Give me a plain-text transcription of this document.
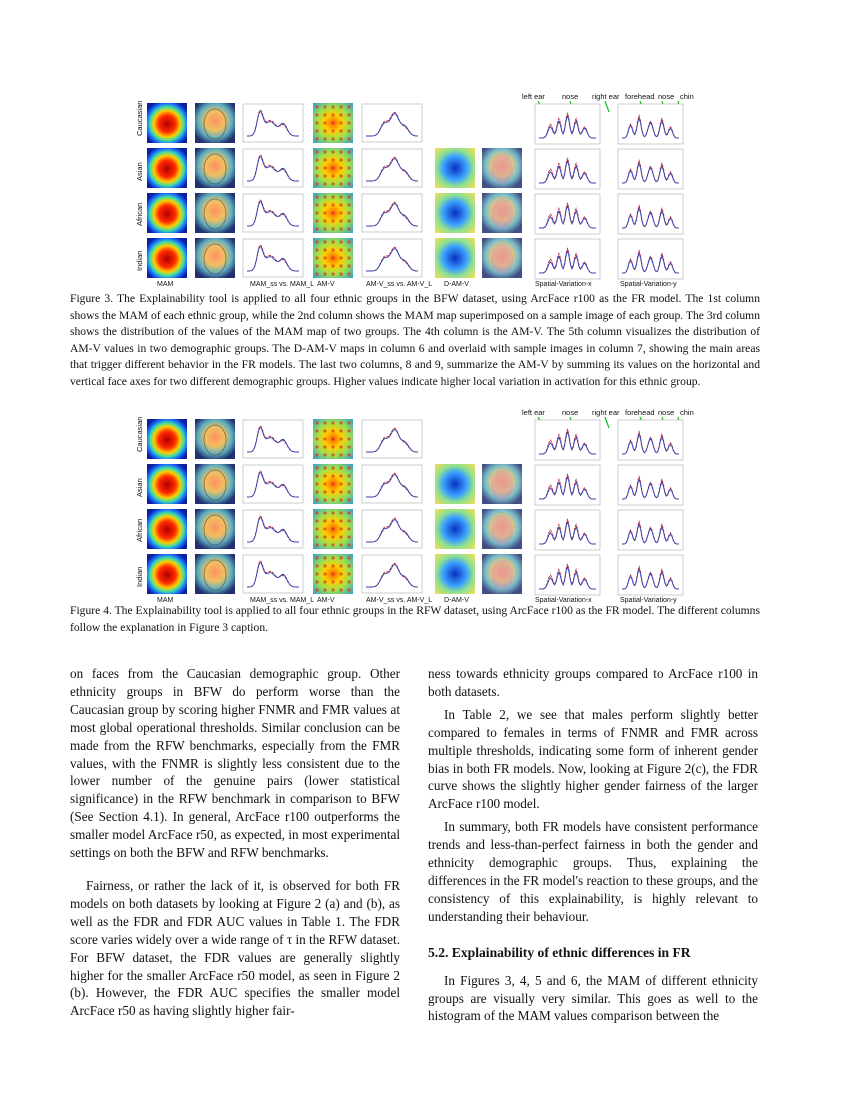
left ear nose right ear forehead nose chin
Caucasian
Asian
African
Indian
MAM	MAM_ss vs. MAM_L AM-V	AM-V_ss vs. AM-V_L D-AM-V	Spatial-Variation-x	Spatial-Variation-y

Figure 3. The Explainability tool is applied to all four ethnic groups in the BFW dataset, using ArcFace r100 as the FR model. The 1st column shows the MAM of each ethnic group, while the 2nd column shows the MAM map superimposed on a sample image of each group. The 3rd column shows the distribution of the values of the MAM map of two groups. The 4th column is the AM-V. The 5th column visualizes the distribution of AM-V values in two demographic groups. The D-AM-V maps in column 6 and overlaid with sample images in column 7, showing the main areas that trigger different behavior in the FR models. The last two columns, 8 and 9, summarize the AM-V by summing its values on the horizontal and vertical face axes for two different demographic groups. Higher values indicate higher local variation in activation for this ethnic group.

left ear nose right ear forehead nose chin
Caucasian
Asian
African
Indian
MAM	MAM_ss vs. MAM_L AM-V	AM-V_ss vs. AM-V_L D-AM-V	Spatial-Variation-x	Spatial-Variation-y

Figure 4. The Explainability tool is applied to all four ethnic groups in the RFW dataset, using ArcFace r100 as the FR model. The different columns follow the explanation in Figure 3 caption.

on faces from the Caucasian demographic group. Other ethnicity groups in BFW do perform worse than the Caucasian group by scoring higher FNMR and FMR values at most global operational thresholds. Similar conclusion can be made from the RFW benchmarks, especially from the FMR values, with the FNMR is slightly less consistent due to the lower number of the genuine pairs (lower statistical significance) in the RFW benchmark in comparison to BFW (See Section 4.1). In general, ArcFace r100 outperforms the smaller model ArcFace r50, as expected, in most experimental settings on both the BFW and RFW benchmarks.

Fairness, or rather the lack of it, is observed for both FR models on both datasets by looking at Figure 2 (a) and (b), as well as the FDR and FDR AUC values in Table 1. The FDR score varies widely over a wide range of τ in the RFW dataset. For BFW dataset, the FDR values are generally slightly higher for the smaller ArcFace r50 model, as seen in Figure 2 (b). However, the FDR AUC specifies the smaller model ArcFace r50 as having slightly higher fair-

ness towards ethnicity groups compared to ArcFace r100 in both datasets.

In Table 2, we see that males perform slightly better compared to females in terms of FNMR and FMR across multiple thresholds, indicating some form of inherent gender bias in both FR models. Now, looking at Figure 2(c), the FDR curve shows the slightly higher gender fairness of the larger ArcFace r100 model.

In summary, both FR models have consistent performance trends and less-than-perfect fairness in both the gender and ethnicity demographic groups. Thus, explaining the differences in the FR model's reaction to these groups, and the consistency of this explainability, is highly relevant to understanding their behaviour.

5.2. Explainability of ethnic differences in FR

In Figures 3, 4, 5 and 6, the MAM of different ethnicity groups are visually very similar. This goes as well to the histogram of the MAM values comparison between the
